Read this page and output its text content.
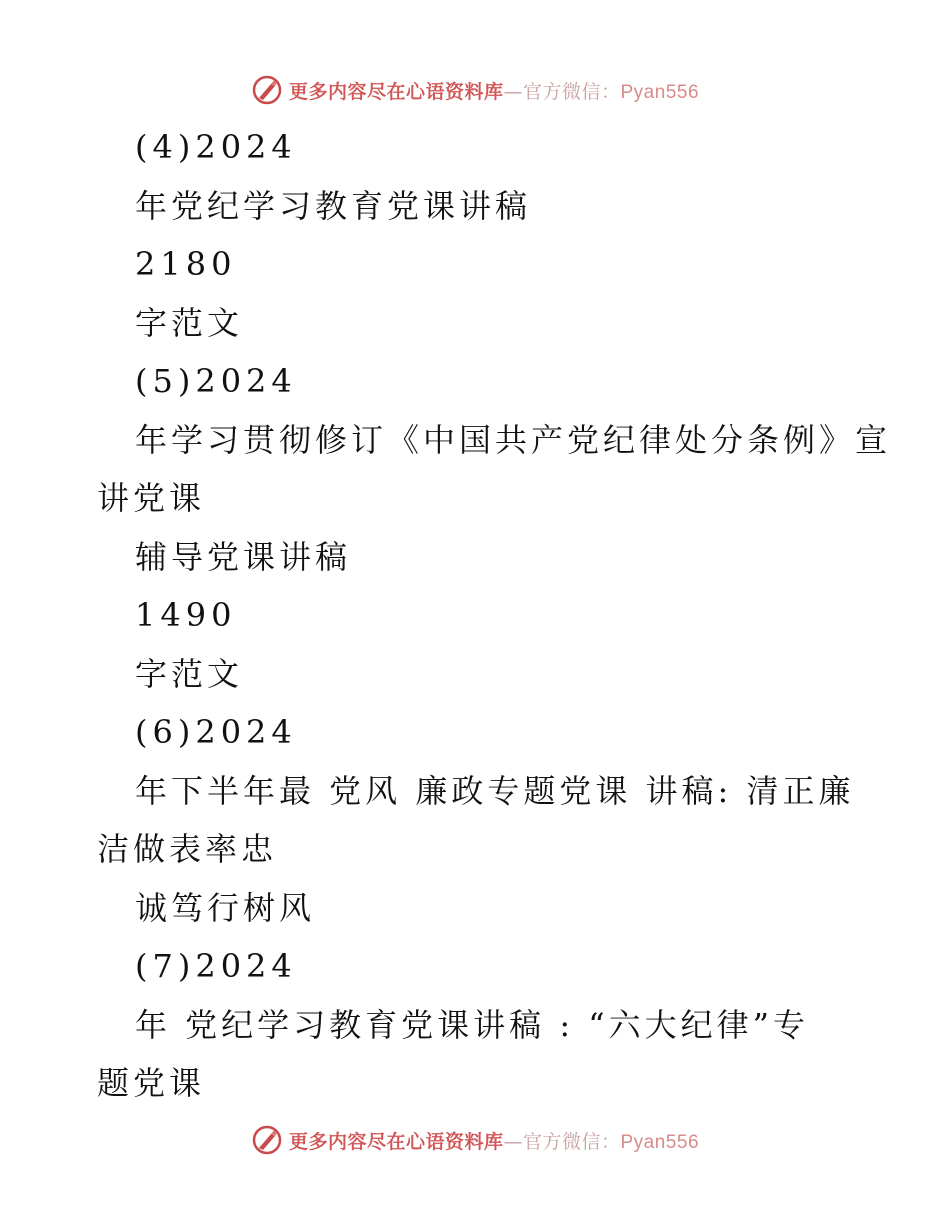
更多内容尽在心语资料库—官方微信：Pyan556
(4)2024
年党纪学习教育党课讲稿
2180
字范文
(5)2024
年学习贯彻修订《中国共产党纪律处分条例》宣
讲党课
辅导党课讲稿
1490
字范文
(6)2024
年下半年最 党风 廉政专题党课 讲稿: 清正廉
洁做表率忠
诚笃行树风
(7)2024
年 党纪学习教育党课讲稿 : “六大纪律”专
题党课
更多内容尽在心语资料库—官方微信：Pyan556
